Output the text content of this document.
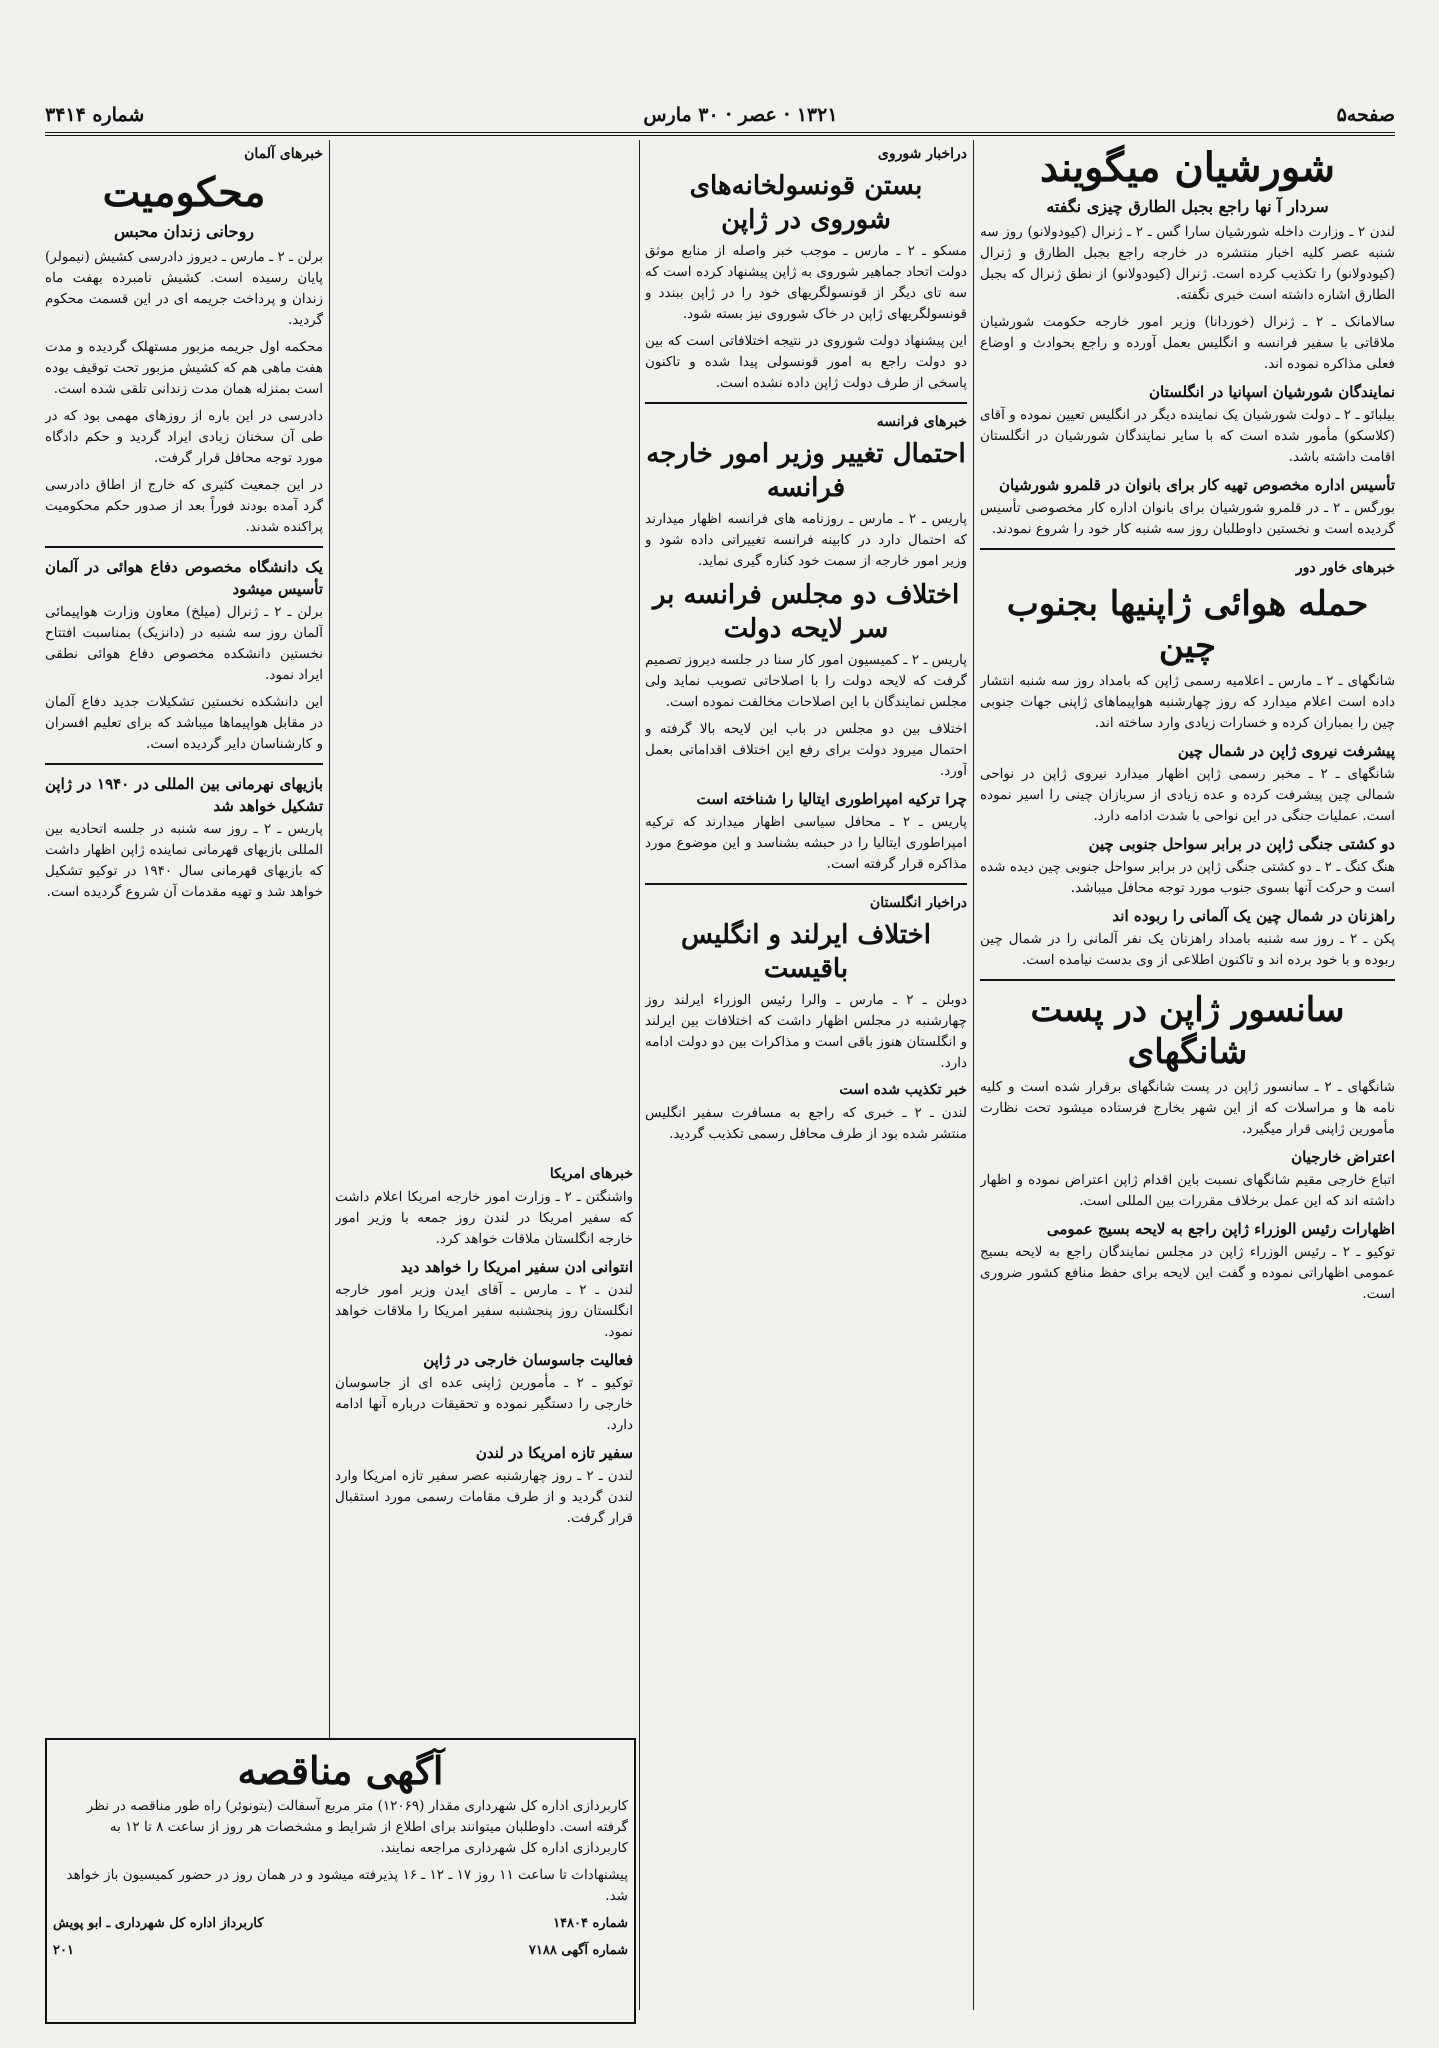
صفحه۵
۱۳۲۱ · عصر · ۳۰ مارس
شماره ۳۴۱۴
شورشیان میگویند
سردار آ نها راجع بجبل الطارق چیزی نگفته

لندن ۲ ـ وزارت داخله شورشیان سارا گس ـ ۲ ـ ژنرال (کیودولانو) روز سه شنبه عصر کلیه اخبار منتشره در خارجه راجع بجبل الطارق و ژنرال (کیودولانو) را تکذیب کرده است. ژنرال (کیودولانو) از نطق ژنرال که بجبل الطارق اشاره داشته است خبری نگفته.

سالامانک ـ ۲ ـ ژنرال (خوردانا) وزیر امور خارجه حکومت شورشیان ملاقاتی با سفیر فرانسه و انگلیس بعمل آورده و راجع بحوادث و اوضاع فعلی مذاکره نموده اند.

نمایندگان شورشیان اسپانیا در انگلستان

بیلبائو ـ ۲ ـ دولت شورشیان یک نماینده دیگر در انگلیس تعیین نموده و آقای (کلاسکو) مأمور شده است که با سایر نمایندگان شورشیان در انگلستان اقامت داشته باشد.

تأسیس اداره مخصوص تهیه کار برای بانوان در قلمرو شورشیان

بورگس ـ ۲ ـ در قلمرو شورشیان برای بانوان اداره کار مخصوصی تأسیس گردیده است و نخستین داوطلبان روز سه شنبه کار خود را شروع نمودند.

خبرهای خاور دور
حمله هوائی ژاپنیها بجنوب چین

شانگهای ـ ۲ ـ مارس ـ اعلامیه رسمی ژاپن که بامداد روز سه شنبه انتشار داده است اعلام میدارد که روز چهارشنبه هواپیماهای ژاپنی جهات جنوبی چین را بمباران کرده و خسارات زیادی وارد ساخته اند.

پیشرفت نیروی ژاپن در شمال چین

شانگهای ـ ۲ ـ مخبر رسمی ژاپن اظهار میدارد نیروی ژاپن در نواحی شمالی چین پیشرفت کرده و عده زیادی از سربازان چینی را اسیر نموده است. عملیات جنگی در این نواحی با شدت ادامه دارد.

دو کشتی جنگی ژاپن در برابر سواحل جنوبی چین

هنگ کنگ ـ ۲ ـ دو کشتی جنگی ژاپن در برابر سواحل جنوبی چین دیده شده است و حرکت آنها بسوی جنوب مورد توجه محافل میباشد.

راهزنان در شمال چین یک آلمانی را ربوده اند

پکن ـ ۲ ـ روز سه شنبه بامداد راهزنان یک نفر آلمانی را در شمال چین ربوده و با خود برده اند و تاکنون اطلاعی از وی بدست نیامده است.

سانسور ژاپن در پست شانگهای

شانگهای ـ ۲ ـ سانسور ژاپن در پست شانگهای برقرار شده است و کلیه نامه ها و مراسلات که از این شهر بخارج فرستاده میشود تحت نظارت مأمورین ژاپنی قرار میگیرد.

اعتراض خارجیان

اتباع خارجی مقیم شانگهای نسبت باین اقدام ژاپن اعتراض نموده و اظهار داشته اند که این عمل برخلاف مقررات بین المللی است.

اظهارات رئیس الوزراء ژاپن راجع به لایحه بسیج عمومی

توکیو ـ ۲ ـ رئیس الوزراء ژاپن در مجلس نمایندگان راجع به لایحه بسیج عمومی اظهاراتی نموده و گفت این لایحه برای حفظ منافع کشور ضروری است.

دراخبار شوروی
بستن قونسولخانه‌های شوروی در ژاپن

مسکو ـ ۲ ـ مارس ـ موجب خبر واصله از منابع موثق دولت اتحاد جماهیر شوروی به ژاپن پیشنهاد کرده است که سه تای دیگر از قونسولگریهای خود را در ژاپن ببندد و قونسولگریهای ژاپن در خاک شوروی نیز بسته شود.

این پیشنهاد دولت شوروی در نتیجه اختلافاتی است که بین دو دولت راجع به امور قونسولی پیدا شده و تاکنون پاسخی از طرف دولت ژاپن داده نشده است.

خبرهای فرانسه
احتمال تغییر وزیر امور خارجه فرانسه

پاریس ـ ۲ ـ مارس ـ روزنامه های فرانسه اظهار میدارند که احتمال دارد در کابینه فرانسه تغییراتی داده شود و وزیر امور خارجه از سمت خود کناره گیری نماید.

اختلاف دو مجلس فرانسه بر سر لایحه دولت

پاریس ـ ۲ ـ کمیسیون امور کار سنا در جلسه دیروز تصمیم گرفت که لایحه دولت را با اصلاحاتی تصویب نماید ولی مجلس نمایندگان با این اصلاحات مخالفت نموده است.

اختلاف بین دو مجلس در باب این لایحه بالا گرفته و احتمال میرود دولت برای رفع این اختلاف اقداماتی بعمل آورد.

چرا ترکیه امپراطوری ایتالیا را شناخته است

پاریس ـ ۲ ـ محافل سیاسی اظهار میدارند که ترکیه امپراطوری ایتالیا را در حبشه بشناسد و این موضوع مورد مذاکره قرار گرفته است.

دراخبار انگلستان
اختلاف ایرلند و انگلیس باقیست

دوبلن ـ ۲ ـ مارس ـ والرا رئیس الوزراء ایرلند روز چهارشنبه در مجلس اظهار داشت که اختلافات بین ایرلند و انگلستان هنوز باقی است و مذاکرات بین دو دولت ادامه دارد.

خبر تکذیب شده است

لندن ـ ۲ ـ خبری که راجع به مسافرت سفیر انگلیس منتشر شده بود از طرف محافل رسمی تکذیب گردید.

خبرهای امریکا

واشنگتن ـ ۲ ـ وزارت امور خارجه امریکا اعلام داشت که سفیر امریکا در لندن روز جمعه با وزیر امور خارجه انگلستان ملاقات خواهد کرد.

انتوانی ادن سفیر امریکا را خواهد دید

لندن ـ ۲ ـ مارس ـ آقای ایدن وزیر امور خارجه انگلستان روز پنجشنبه سفیر امریکا را ملاقات خواهد نمود.

فعالیت جاسوسان خارجی در ژاپن

توکیو ـ ۲ ـ مأمورین ژاپنی عده ای از جاسوسان خارجی را دستگیر نموده و تحقیقات درباره آنها ادامه دارد.

سفیر تازه امریکا در لندن

لندن ـ ۲ ـ روز چهارشنبه عصر سفیر تازه امریکا وارد لندن گردید و از طرف مقامات رسمی مورد استقبال قرار گرفت.

خبرهای آلمان
محکومیت
روحانی زندان محبس

برلن ـ ۲ ـ مارس ـ دیروز دادرسی کشیش (نیمولر) پایان رسیده است. کشیش نامبرده بهفت ماه زندان و پرداخت جریمه ای در این قسمت محکوم گردید.

محکمه اول جریمه مزبور مستهلک گردیده و مدت هفت ماهی هم که کشیش مزبور تحت توقیف بوده است بمنزله همان مدت زندانی تلقی شده است.

دادرسی در این باره از روزهای مهمی بود که در طی آن سخنان زیادی ایراد گردید و حکم دادگاه مورد توجه محافل قرار گرفت.

در این جمعیت کثیری که خارج از اطاق دادرسی گرد آمده بودند فوراً بعد از صدور حکم محکومیت پراکنده شدند.

یک دانشگاه مخصوص دفاع هوائی در آلمان تأسیس میشود

برلن ـ ۲ ـ ژنرال (میلخ) معاون وزارت هواپیمائی آلمان روز سه شنبه در (دانزیک) بمناسبت افتتاح نخستین دانشکده مخصوص دفاع هوائی نطقی ایراد نمود.

این دانشکده نخستین تشکیلات جدید دفاع آلمان در مقابل هواپیماها میباشد که برای تعلیم افسران و کارشناسان دایر گردیده است.

بازیهای نهرمانی بین المللی در ۱۹۴۰ در ژاپن تشکیل خواهد شد

پاریس ـ ۲ ـ روز سه شنبه در جلسه اتحادیه بین المللی بازیهای قهرمانی نماینده ژاپن اظهار داشت که بازیهای قهرمانی سال ۱۹۴۰ در توکیو تشکیل خواهد شد و تهیه مقدمات آن شروع گردیده است.

آگهی مناقصه

کاربردازی اداره کل شهرداری مقدار (۱۲۰۶۹) متر مربع آسفالت (بتونوئر) راه طور مناقصه در نظر گرفته است. داوطلبان میتوانند برای اطلاع از شرایط و مشخصات هر روز از ساعت ۸ تا ۱۲ به کاربردازی اداره کل شهرداری مراجعه نمایند.

پیشنهادات تا ساعت ۱۱ روز ۱۷ ـ ۱۲ ـ ۱۶ پذیرفته میشود و در همان روز در حضور کمیسیون باز خواهد شد.

شماره ۱۴۸۰۴
کاربرداز اداره کل شهرداری ـ ابو پویش
شماره آگهی ۷۱۸۸
۲۰۱
